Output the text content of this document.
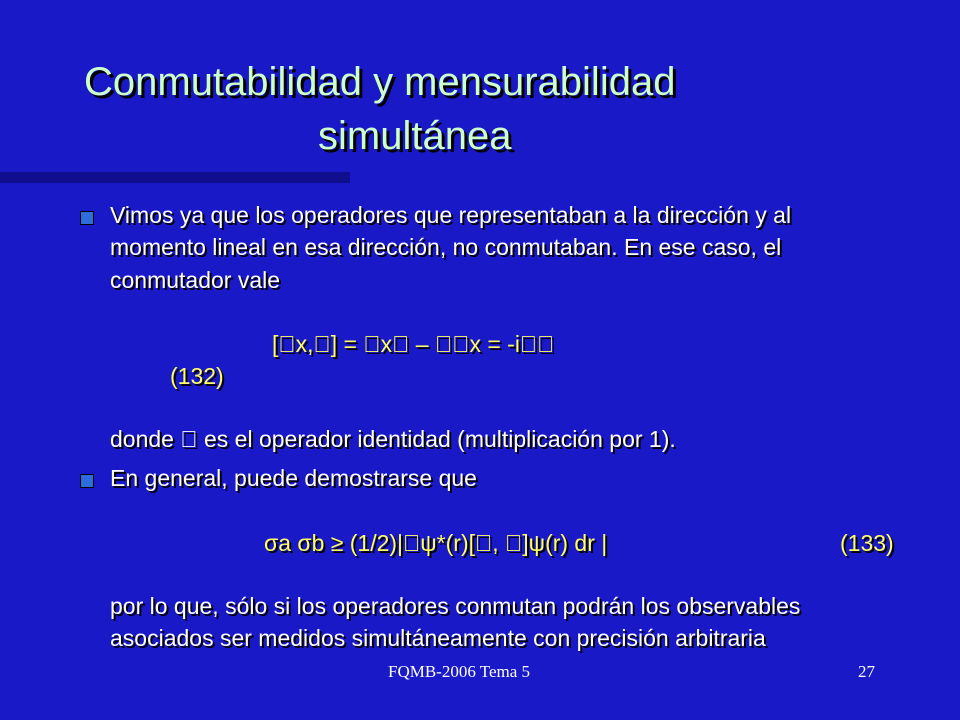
Conmutabilidad y mensurabilidad
simultánea
Vimos ya que los operadores que representaban a la dirección y al
momento lineal en esa dirección, no conmutaban. En ese caso, el
conmutador vale
[ x, ] = x – x = -i
(132)
donde es el operador identidad (multiplicación por 1).
En general, puede demostrarse que
σa σb ≥ (1/2)| ψ*(r)[ , ]ψ(r) dr |	(133)
por lo que, sólo si los operadores conmutan podrán los observables
asociados ser medidos simultáneamente con precisión arbitraria
FQMB-2006 Tema 5	27
